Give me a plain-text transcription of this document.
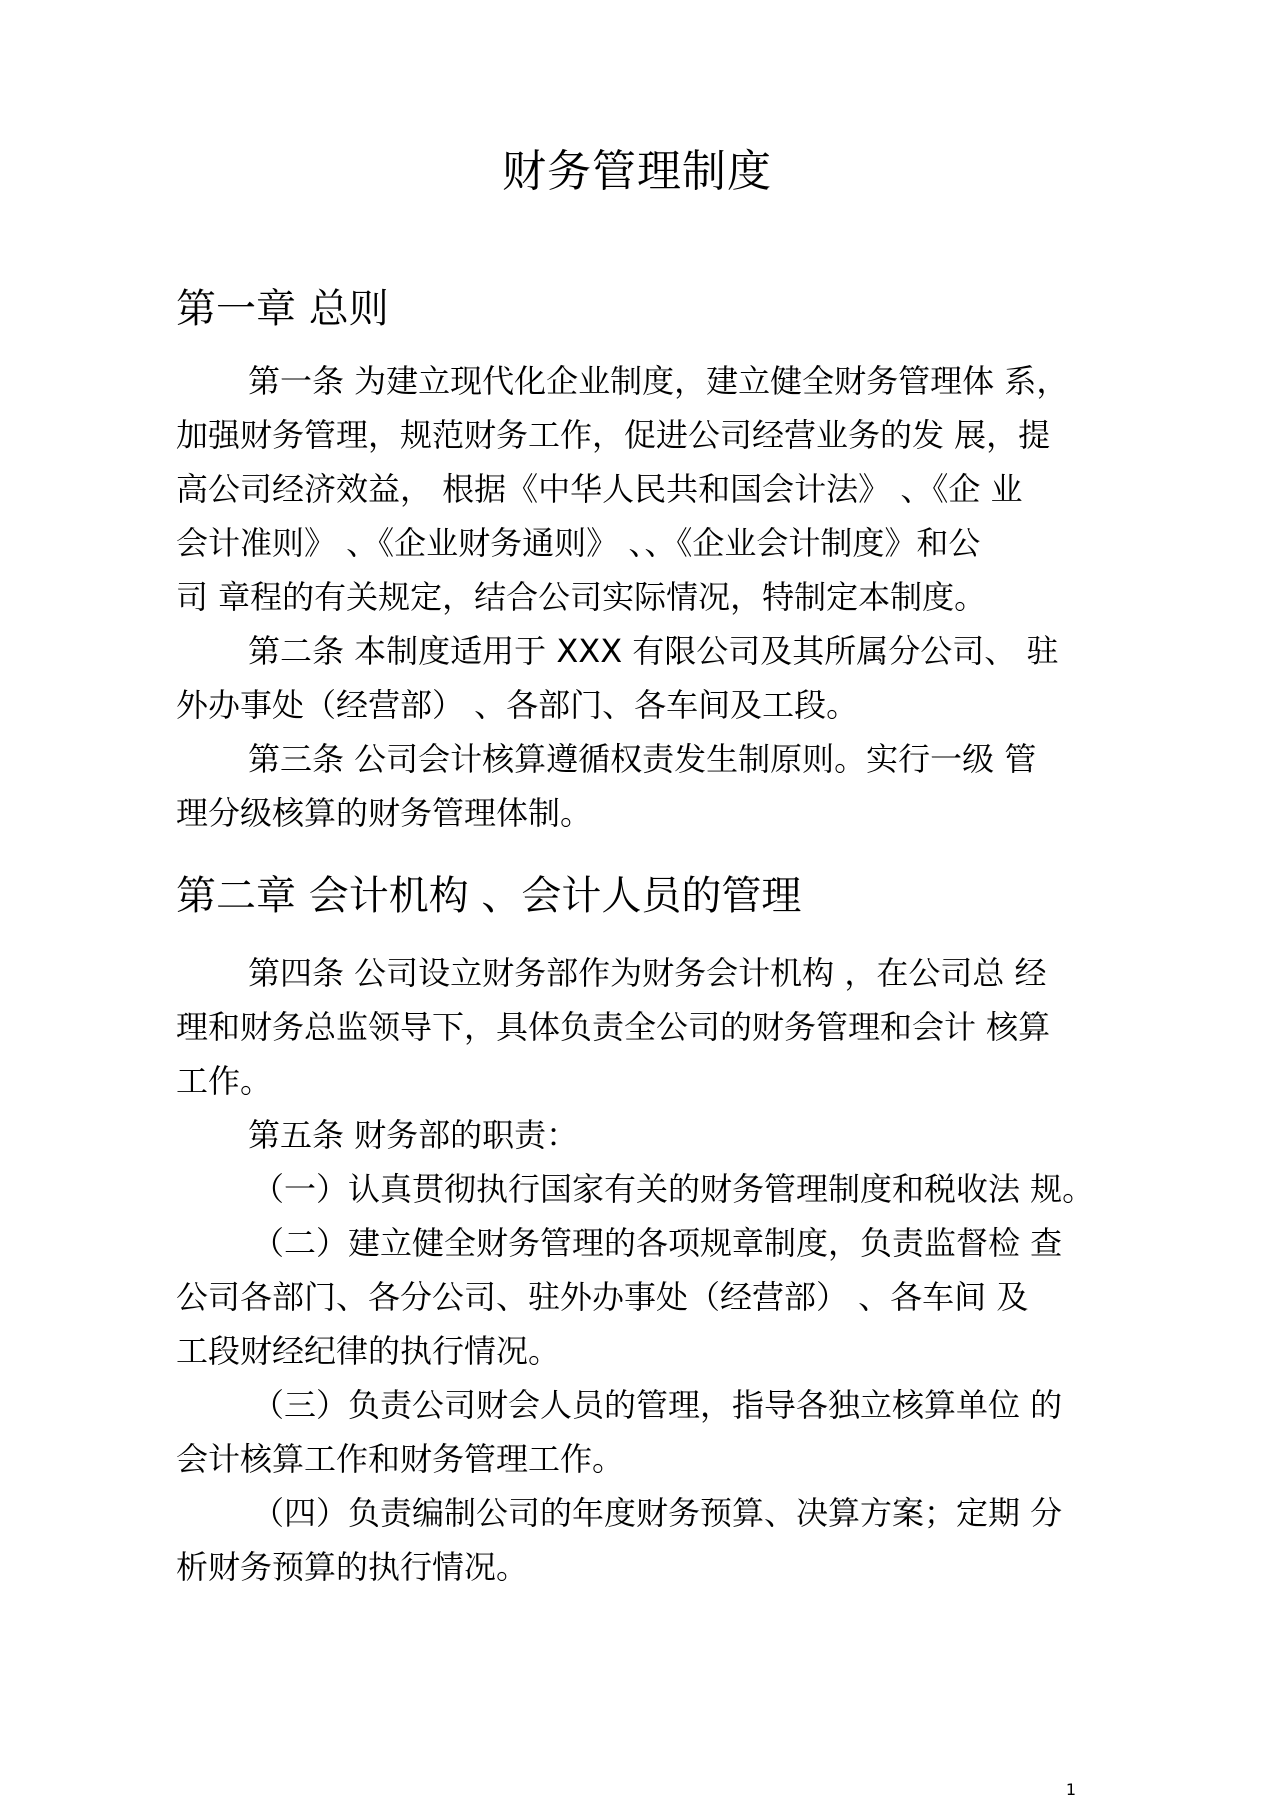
财务管理制度
第一章 总则
第一条 为建立现代化企业制度，建立健全财务管理体 系，
加强财务管理，规范财务工作，促进公司经营业务的发 展，提
高公司经济效益， 根据《中华人民共和国会计法》 、《企 业
会计准则》 、《企业财务通则》 、、《企业会计制度》和公
司 章程的有关规定，结合公司实际情况，特制定本制度。
第二条 本制度适用于 XXX 有限公司及其所属分公司、 驻
外办事处（经营部） 、各部门、各车间及工段。
第三条 公司会计核算遵循权责发生制原则。实行一级 管
理分级核算的财务管理体制。
第二章 会计机构 、会计人员的管理
第四条 公司设立财务部作为财务会计机构 ，在公司总 经
理和财务总监领导下，具体负责全公司的财务管理和会计 核算
工作。
第五条 财务部的职责：
（一）认真贯彻执行国家有关的财务管理制度和税收法 规。
（二）建立健全财务管理的各项规章制度，负责监督检 查
公司各部门、各分公司、驻外办事处（经营部） 、各车间 及
工段财经纪律的执行情况。
（三）负责公司财会人员的管理，指导各独立核算单位 的
会计核算工作和财务管理工作。
（四）负责编制公司的年度财务预算、决算方案；定期 分
析财务预算的执行情况。
1
